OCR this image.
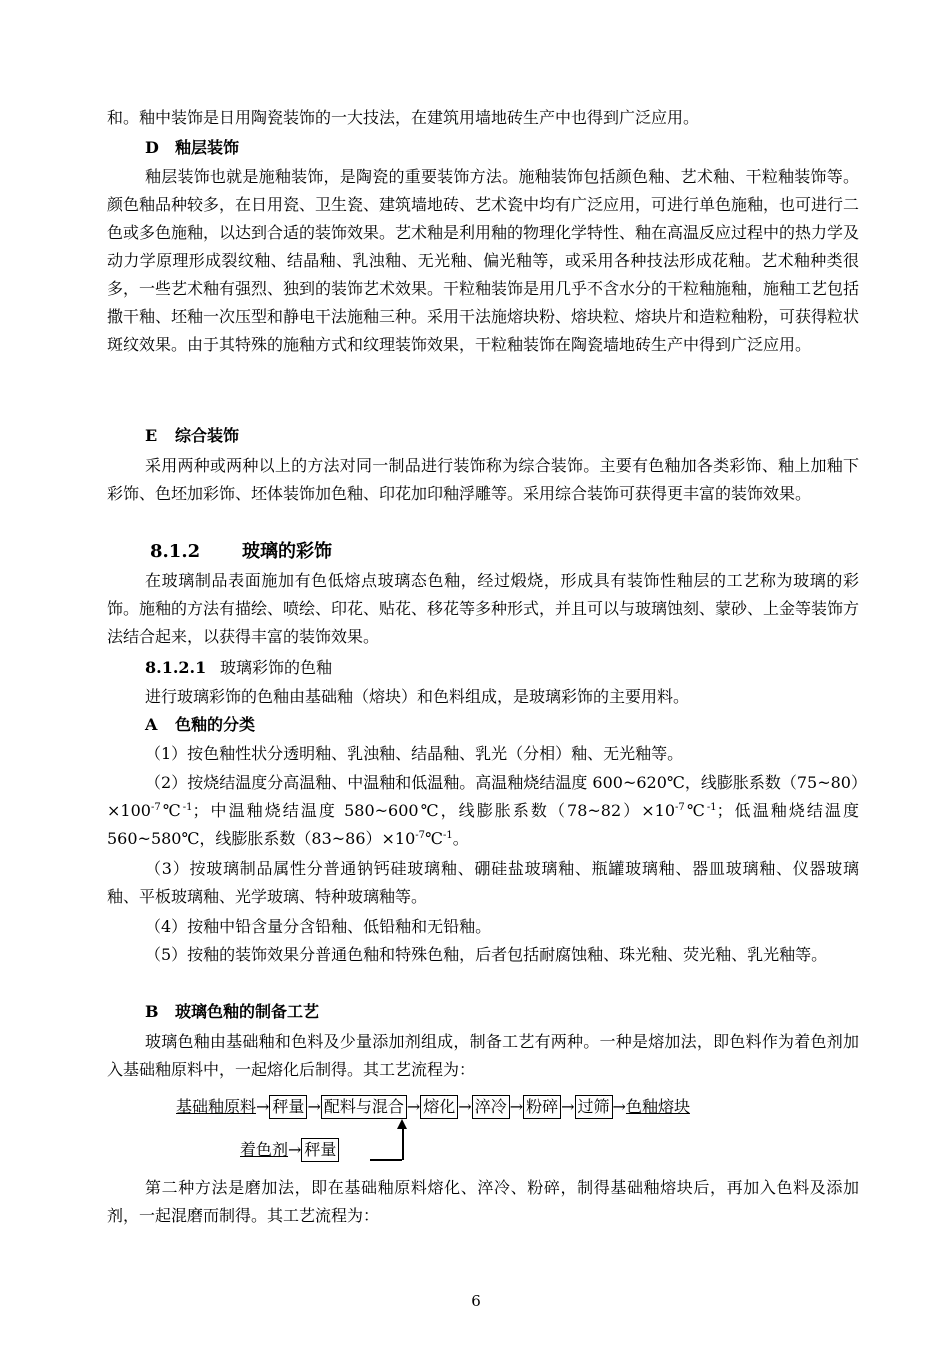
和。釉中装饰是日用陶瓷装饰的一大技法，在建筑用墙地砖生产中也得到广泛应用。
D 釉层装饰
釉层装饰也就是施釉装饰，是陶瓷的重要装饰方法。施釉装饰包括颜色釉、艺术釉、干粒釉装饰等。颜色釉品种较多，在日用瓷、卫生瓷、建筑墙地砖、艺术瓷中均有广泛应用，可进行单色施釉，也可进行二色或多色施釉，以达到合适的装饰效果。艺术釉是利用釉的物理化学特性、釉在高温反应过程中的热力学及动力学原理形成裂纹釉、结晶釉、乳浊釉、无光釉、偏光釉等，或采用各种技法形成花釉。艺术釉种类很多，一些艺术釉有强烈、独到的装饰艺术效果。干粒釉装饰是用几乎不含水分的干粒釉施釉，施釉工艺包括撒干釉、坯釉一次压型和静电干法施釉三种。采用干法施熔块粉、熔块粒、熔块片和造粒釉粉，可获得粒状斑纹效果。由于其特殊的施釉方式和纹理装饰效果，干粒釉装饰在陶瓷墙地砖生产中得到广泛应用。
E 综合装饰
采用两种或两种以上的方法对同一制品进行装饰称为综合装饰。主要有色釉加各类彩饰、釉上加釉下彩饰、色坯加彩饰、坯体装饰加色釉、印花加印釉浮雕等。采用综合装饰可获得更丰富的装饰效果。
8.1.2 玻璃的彩饰
在玻璃制品表面施加有色低熔点玻璃态色釉，经过煅烧，形成具有装饰性釉层的工艺称为玻璃的彩饰。施釉的方法有描绘、喷绘、印花、贴花、移花等多种形式，并且可以与玻璃蚀刻、蒙砂、上金等装饰方法结合起来，以获得丰富的装饰效果。
8.1.2.1 玻璃彩饰的色釉
进行玻璃彩饰的色釉由基础釉（熔块）和色料组成，是玻璃彩饰的主要用料。
A 色釉的分类
（1）按色釉性状分透明釉、乳浊釉、结晶釉、乳光（分相）釉、无光釉等。
（2）按烧结温度分高温釉、中温釉和低温釉。高温釉烧结温度 600~620℃，线膨胀系数$(75\sim 80)\times 100^{-7}℃^{-1}$；中温釉烧结温度 580~600℃，线膨胀系数$(78\sim 82)\times 10^{-7}℃^{-1}$；低温釉烧结温度 560~580℃，线膨胀系数$(83\sim 86)\times 10^{-7}℃^{-1}$。
（3）按玻璃制品属性分普通钠钙硅玻璃釉、硼硅盐玻璃釉、瓶罐玻璃釉、器皿玻璃釉、仪器玻璃釉、平板玻璃釉、光学玻璃、特种玻璃釉等。
（4）按釉中铅含量分含铅釉、低铅釉和无铅釉。
（5）按釉的装饰效果分普通色釉和特殊色釉，后者包括耐腐蚀釉、珠光釉、荧光釉、乳光釉等。
B 玻璃色釉的制备工艺
玻璃色釉由基础釉和色料及少量添加剂组成，制备工艺有两种。一种是熔加法，即色料作为着色剂加入基础釉原料中，一起熔化后制得。其工艺流程为：
基础釉原料→ 秤量 → 配料与混合 → 熔化 → 淬冷 → 粉碎 → 过筛 →色釉熔块
着色剂→ 秤量
第二种方法是磨加法，即在基础釉原料熔化、淬冷、粉碎，制得基础釉熔块后，再加入色料及添加剂，一起混磨而制得。其工艺流程为：
6
